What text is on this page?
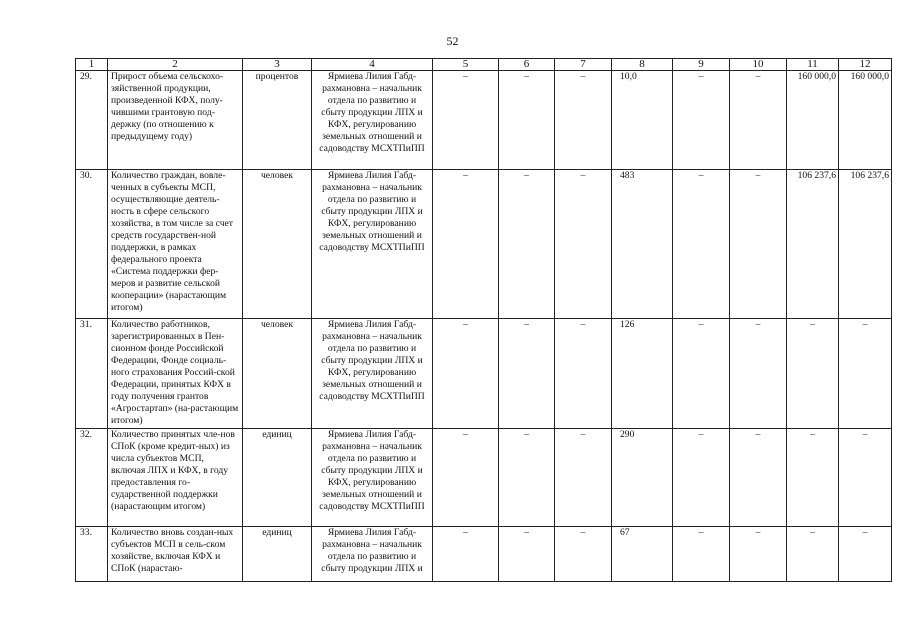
52
1	2	3	4	5	6	7	8	9	10	11	12
29.	Прирост объема сельскохо-зяйственной продукции, произведенной КФХ, полу-чившими грантовую под-держку (по отношению к предыдущему году)	процентов	Ярмиева Лилия Габд-рахмановна – начальник отдела по развитию и сбыту продукции ЛПХ и КФХ, регулированию земельных отношений и садоводству МСХТПиПП	–	–	–	10,0	–	–	160 000,0	160 000,0
30.	Количество граждан, вовле-ченных в субъекты МСП, осуществляющие деятель-ность в сфере сельского хозяйства, в том числе за счет средств государствен-ной поддержки, в рамках федерального проекта «Система поддержки фер-меров и развитие сельской кооперации» (нарастающим итогом)	человек	Ярмиева Лилия Габд-рахмановна – начальник отдела по развитию и сбыту продукции ЛПХ и КФХ, регулированию земельных отношений и садоводству МСХТПиПП	–	–	–	483	–	–	106 237,6	106 237,6
31.	Количество работников, зарегистрированных в Пен-сионном фонде Российской Федерации, Фонде социаль-ного страхования Россий-ской Федерации, принятых КФХ в году получения грантов «Агростартап» (на-растающим итогом)	человек	Ярмиева Лилия Габд-рахмановна – начальник отдела по развитию и сбыту продукции ЛПХ и КФХ, регулированию земельных отношений и садоводству МСХТПиПП	–	–	–	126	–	–	–	–
32.	Количество принятых чле-нов СПоК (кроме кредит-ных) из числа субъектов МСП, включая ЛПХ и КФХ, в году предоставления го-сударственной поддержки (нарастающим итогом)	единиц	Ярмиева Лилия Габд-рахмановна – начальник отдела по развитию и сбыту продукции ЛПХ и КФХ, регулированию земельных отношений и садоводству МСХТПиПП	–	–	–	290	–	–	–	–
33.	Количество вновь создан-ных субъектов МСП в сель-ском хозяйстве, включая КФХ и СПоК (нарастаю-	единиц	Ярмиева Лилия Габд-рахмановна – начальник отдела по развитию и сбыту продукции ЛПХ и	–	–	–	67	–	–	–	–
